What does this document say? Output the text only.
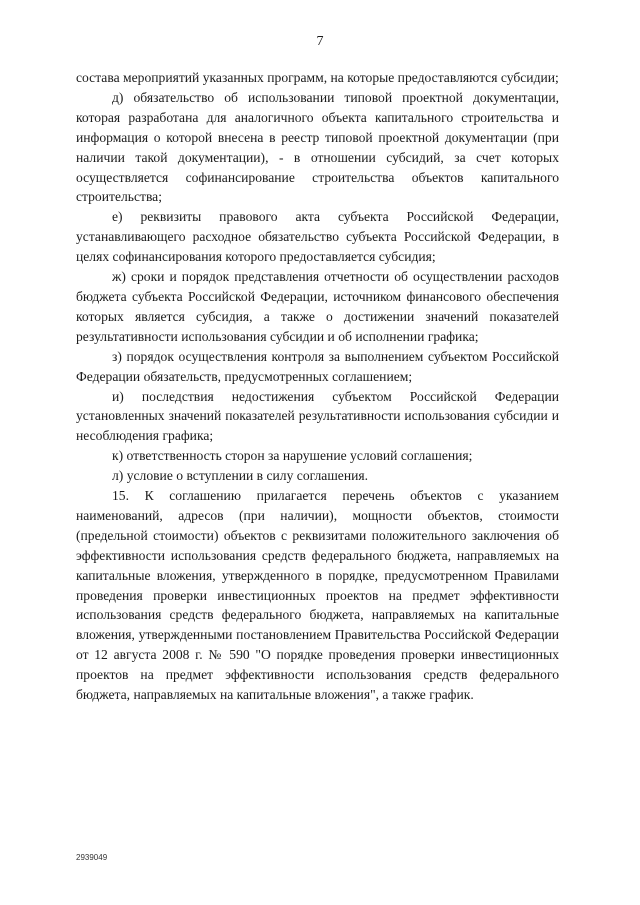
7

состава мероприятий указанных программ, на которые предоставляются субсидии;

д) обязательство об использовании типовой проектной документации, которая разработана для аналогичного объекта капитального строительства и информация о которой внесена в реестр типовой проектной документации (при наличии такой документации), - в отношении субсидий, за счет которых осуществляется софинансирование строительства объектов капитального строительства;

е) реквизиты правового акта субъекта Российской Федерации, устанавливающего расходное обязательство субъекта Российской Федерации, в целях софинансирования которого предоставляется субсидия;

ж) сроки и порядок представления отчетности об осуществлении расходов бюджета субъекта Российской Федерации, источником финансового обеспечения которых является субсидия, а также о достижении значений показателей результативности использования субсидии и об исполнении графика;

з) порядок осуществления контроля за выполнением субъектом Российской Федерации обязательств, предусмотренных соглашением;

и) последствия недостижения субъектом Российской Федерации установленных значений показателей результативности использования субсидии и несоблюдения графика;

к) ответственность сторон за нарушение условий соглашения;

л) условие о вступлении в силу соглашения.

15. К соглашению прилагается перечень объектов с указанием наименований, адресов (при наличии), мощности объектов, стоимости (предельной стоимости) объектов с реквизитами положительного заключения об эффективности использования средств федерального бюджета, направляемых на капитальные вложения, утвержденного в порядке, предусмотренном Правилами проведения проверки инвестиционных проектов на предмет эффективности использования средств федерального бюджета, направляемых на капитальные вложения, утвержденными постановлением Правительства Российской Федерации от 12 августа 2008 г. № 590 "О порядке проведения проверки инвестиционных проектов на предмет эффективности использования средств федерального бюджета, направляемых на капитальные вложения", а также график.

2939049
